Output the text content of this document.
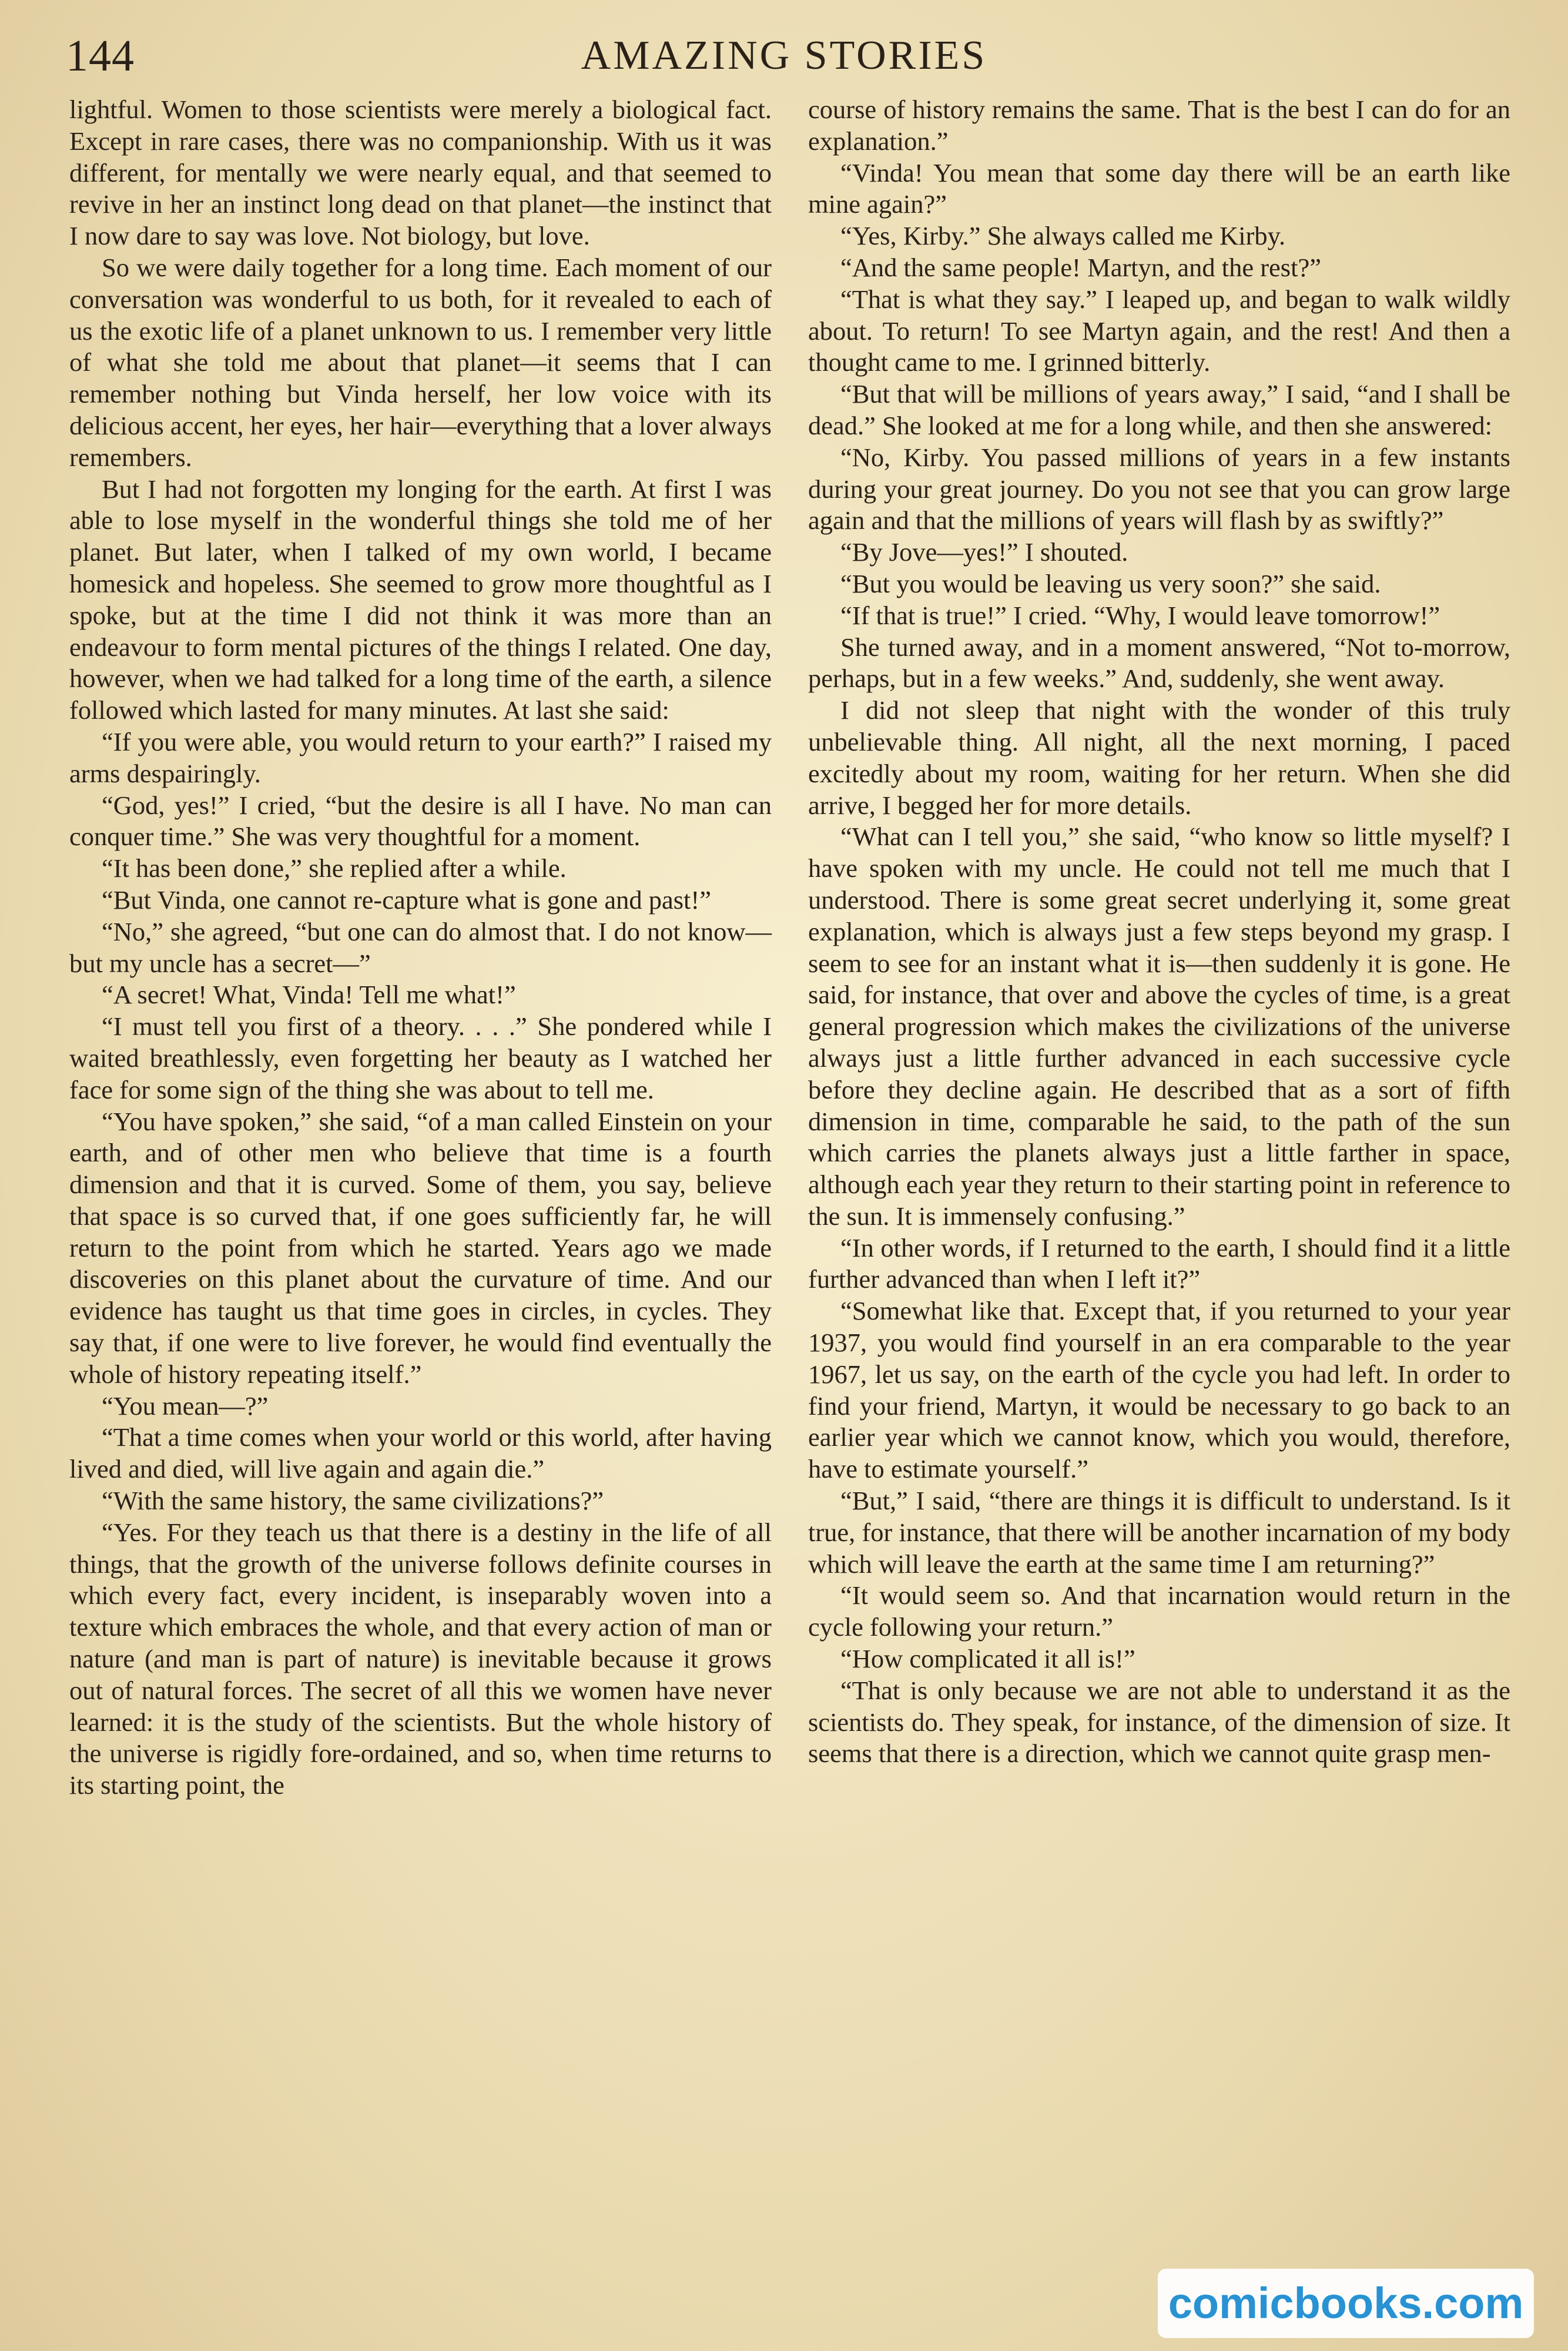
144	AMAZING STORIES

lightful. Women to those scientists were merely a biological fact. Except in rare cases, there was no companionship. With us it was different, for mentally we were nearly equal, and that seemed to revive in her an instinct long dead on that planet—the instinct that I now dare to say was love. Not biology, but love.

So we were daily together for a long time. Each moment of our conversation was wonderful to us both, for it revealed to each of us the exotic life of a planet unknown to us. I remember very little of what she told me about that planet—it seems that I can remember nothing but Vinda herself, her low voice with its delicious accent, her eyes, her hair—everything that a lover always remembers.

But I had not forgotten my longing for the earth. At first I was able to lose myself in the wonderful things she told me of her planet. But later, when I talked of my own world, I became homesick and hopeless. She seemed to grow more thoughtful as I spoke, but at the time I did not think it was more than an endeavour to form mental pictures of the things I related. One day, however, when we had talked for a long time of the earth, a silence followed which lasted for many minutes. At last she said:

“If you were able, you would return to your earth?” I raised my arms despairingly.

“God, yes!” I cried, “but the desire is all I have. No man can conquer time.” She was very thoughtful for a moment.

“It has been done,” she replied after a while.

“But Vinda, one cannot re-capture what is gone and past!”

“No,” she agreed, “but one can do almost that. I do not know—but my uncle has a secret—”

“A secret! What, Vinda! Tell me what!”

“I must tell you first of a theory. . . .” She pondered while I waited breathlessly, even forgetting her beauty as I watched her face for some sign of the thing she was about to tell me.

“You have spoken,” she said, “of a man called Einstein on your earth, and of other men who believe that time is a fourth dimension and that it is curved. Some of them, you say, believe that space is so curved that, if one goes sufficiently far, he will return to the point from which he started. Years ago we made discoveries on this planet about the curvature of time. And our evidence has taught us that time goes in circles, in cycles. They say that, if one were to live forever, he would find eventually the whole of history repeating itself.”

“You mean—?”

“That a time comes when your world or this world, after having lived and died, will live again and again die.”

“With the same history, the same civilizations?”

“Yes. For they teach us that there is a destiny in the life of all things, that the growth of the universe follows definite courses in which every fact, every incident, is inseparably woven into a texture which embraces the whole, and that every action of man or nature (and man is part of nature) is inevitable because it grows out of natural forces. The secret of all this we women have never learned: it is the study of the scientists. But the whole history of the universe is rigidly fore-ordained, and so, when time returns to its starting point, the

course of history remains the same. That is the best I can do for an explanation.”

“Vinda! You mean that some day there will be an earth like mine again?”

“Yes, Kirby.” She always called me Kirby.

“And the same people! Martyn, and the rest?”

“That is what they say.” I leaped up, and began to walk wildly about. To return! To see Martyn again, and the rest! And then a thought came to me. I grinned bitterly.

“But that will be millions of years away,” I said, “and I shall be dead.” She looked at me for a long while, and then she answered:

“No, Kirby. You passed millions of years in a few instants during your great journey. Do you not see that you can grow large again and that the millions of years will flash by as swiftly?”

“By Jove—yes!” I shouted.

“But you would be leaving us very soon?” she said.

“If that is true!” I cried. “Why, I would leave tomorrow!”

She turned away, and in a moment answered, “Not to-morrow, perhaps, but in a few weeks.” And, suddenly, she went away.

I did not sleep that night with the wonder of this truly unbelievable thing. All night, all the next morning, I paced excitedly about my room, waiting for her return. When she did arrive, I begged her for more details.

“What can I tell you,” she said, “who know so little myself? I have spoken with my uncle. He could not tell me much that I understood. There is some great secret underlying it, some great explanation, which is always just a few steps beyond my grasp. I seem to see for an instant what it is—then suddenly it is gone. He said, for instance, that over and above the cycles of time, is a great general progression which makes the civilizations of the universe always just a little further advanced in each successive cycle before they decline again. He described that as a sort of fifth dimension in time, comparable he said, to the path of the sun which carries the planets always just a little farther in space, although each year they return to their starting point in reference to the sun. It is immensely confusing.”

“In other words, if I returned to the earth, I should find it a little further advanced than when I left it?”

“Somewhat like that. Except that, if you returned to your year 1937, you would find yourself in an era comparable to the year 1967, let us say, on the earth of the cycle you had left. In order to find your friend, Martyn, it would be necessary to go back to an earlier year which we cannot know, which you would, therefore, have to estimate yourself.”

“But,” I said, “there are things it is difficult to understand. Is it true, for instance, that there will be another incarnation of my body which will leave the earth at the same time I am returning?”

“It would seem so. And that incarnation would return in the cycle following your return.”

“How complicated it all is!”

“That is only because we are not able to understand it as the scientists do. They speak, for instance, of the dimension of size. It seems that there is a direction, which we cannot quite grasp men-

comicbooks.com
